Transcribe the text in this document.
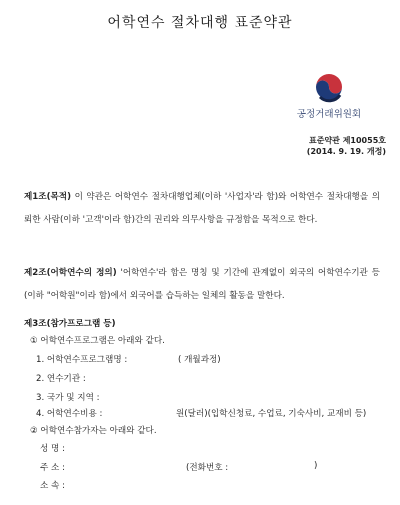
어학연수 절차대행 표준약관
공정거래위원회
표준약관 제10055호
(2014. 9. 19. 개정)
제1조(목적) 이 약관은 어학연수 절차대행업체(이하 '사업자'라 함)와 어학연수 절차대행을 의뢰한 사람(이하 '고객'이라 함)간의 권리와 의무사항을 규정함을 목적으로 한다.
제2조(어학연수의 정의) '어학연수'라 함은 명칭 및 기간에 관계없이 외국의 어학연수기관 등(이하 "어학원"이라 함)에서 외국어를 습득하는 일체의 활동을 말한다.
제3조(참가프로그램 등)
① 어학연수프로그램은 아래와 같다.
1. 어학연수프로그램명 :	( 개월과정)
2. 연수기관 :
3. 국가 및 지역 :
4. 어학연수비용 :	원(달러)(입학신청료, 수업료, 기숙사비, 교재비 등)
② 어학연수참가자는 아래와 같다.
성 명 :
주 소 :	(전화번호 :	)
소 속 :
